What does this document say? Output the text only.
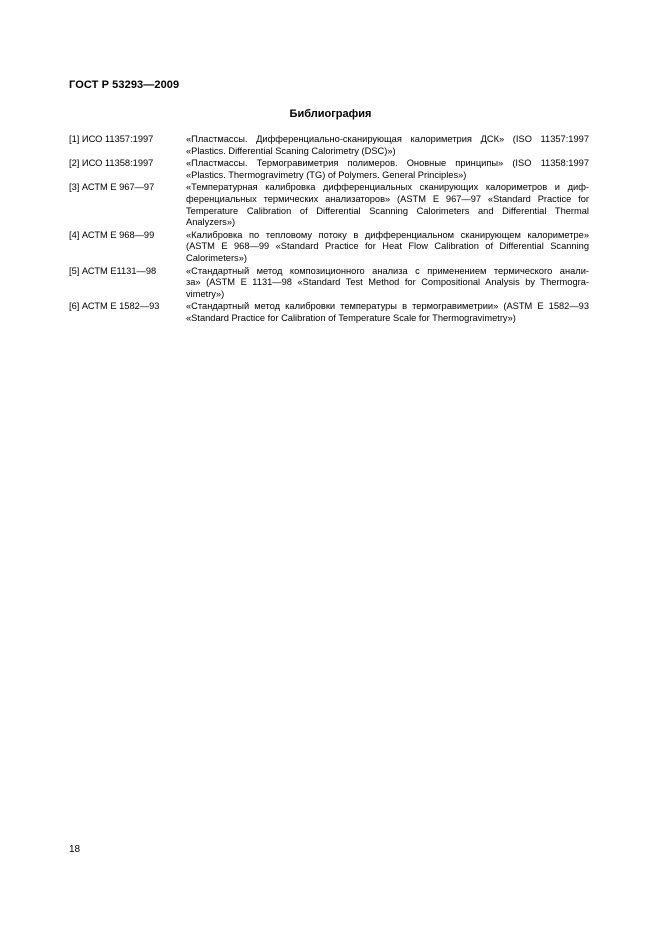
ГОСТ Р 53293—2009
Библиография
[1] ИСО 11357:1997	«Пластмассы. Дифференциально-сканирующая калориметрия ДСК» (ISO 11357:1997
«Plastics. Differential Scaning Calorimetry (DSC)»)
[2] ИСО 11358:1997	«Пластмассы. Термогравиметрия полимеров. Оновные принципы» (ISO 11358:1997
«Plastics. Thermogravimetry (TG) of Polymers. General Principles»)
[3] АСТМ Е 967—97	«Температурная калибровка дифференциальных сканирующих калориметров и диф-
ференциальных термических анализаторов» (ASTM E 967—97 «Standard Practice for
Temperature Calibration of Differential Scanning Calorimeters and Differential Thermal
Analyzers»)
[4] АСТМ Е 968—99	«Калибровка по тепловому потоку в дифференциальном сканирующем калориметре»
(ASTM E 968—99 «Standard Practice for Heat Flow Calibration of Differential Scanning
Calorimeters»)
[5] АСТМ Е1131—98	«Стандартный метод композиционного анализа с применением термического анали-
за» (ASTM E 1131—98 «Standard Test Method for Compositional Analysis by Thermogra-
vimetry»)
[6] АСТМ Е 1582—93	«Стандартный метод калибровки температуры в термогравиметрии» (ASTM E 1582—93
«Standard Practice for Calibration of Temperature Scale for Thermogravimetry»)
18
